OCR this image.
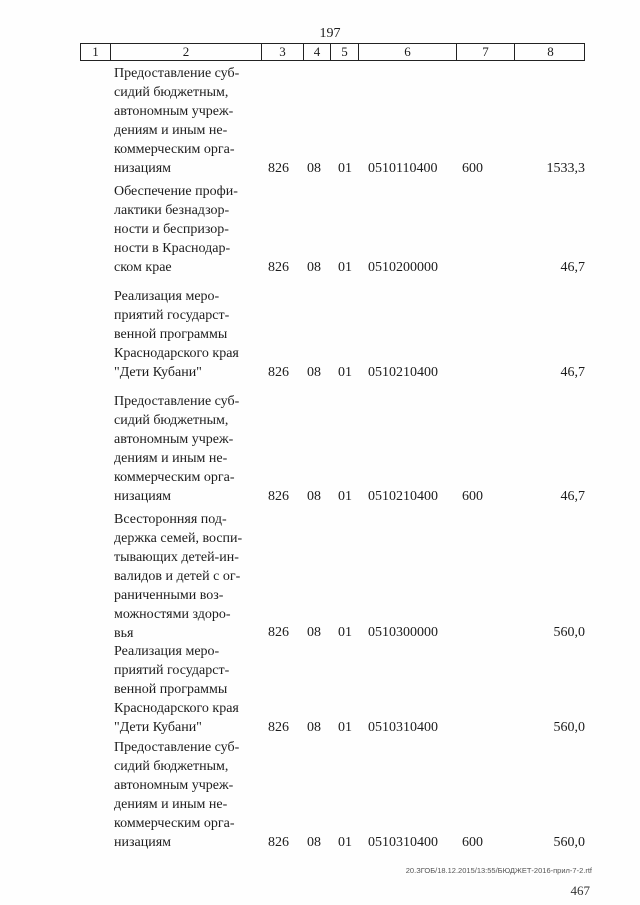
197
1	2	3	4	5	6	7	8
Предоставление суб-
сидий бюджетным,
автономным учреж-
дениям и иным не-
коммерческим орга-
низациям	826 08 01 0510110400 600	1533,3
Обеспечение профи-
лактики безнадзор-
ности и беспризор-
ности в Краснодар-
ском крае	826 08 01 0510200000	46,7
Реализация меро-
приятий государст-
венной программы
Краснодарского края
"Дети Кубани"	826 08 01 0510210400	46,7
Предоставление суб-
сидий бюджетным,
автономным учреж-
дениям и иным не-
коммерческим орга-
низациям	826 08 01 0510210400 600	46,7
Всесторонняя под-
держка семей, воспи-
тывающих детей-ин-
валидов и детей с ог-
раниченными воз-
можностями здоро-
вья	826 08 01 0510300000	560,0
Реализация меро-
приятий государст-
венной программы
Краснодарского края
"Дети Кубани"	826 08 01 0510310400	560,0
Предоставление суб-
сидий бюджетным,
автономным учреж-
дениям и иным не-
коммерческим орга-
низациям	826 08 01 0510310400 600	560,0
20.ЗГОБ/18.12.2015/13:55/БЮДЖЕТ-2016-прил-7-2.rtf
467
